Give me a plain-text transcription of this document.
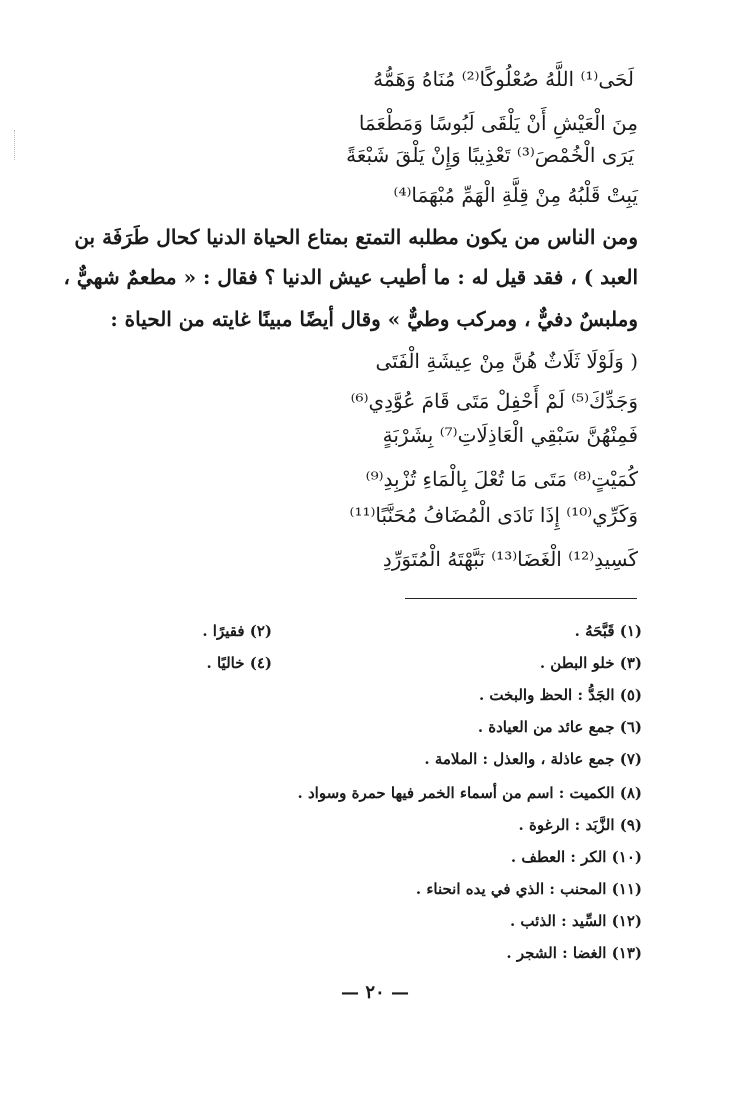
لَحَى⁽¹⁾ اللَّهُ صُعْلُوكًا⁽²⁾ مُنَاهُ وَهَمُّهُ
مِنَ الْعَيْشِ أَنْ يَلْقَى لَبُوسًا وَمَطْعَمَا
يَرَى الْخُمْصَ⁽³⁾ تَعْذِيبًا وَإِنْ يَلْقَ شَبْعَةً
يَبِتْ قَلْبُهُ مِنْ قِلَّةِ الْهَمِّ مُبْهَمَا⁽⁴⁾
ومن الناس من يكون مطلبه التمتع بمتاع الحياة الدنيا كحال طَرَفَة بن
العبد ) ، فقد قيل له : ما أطيب عيش الدنيا ؟ فقال : « مطعمٌ شهيٌّ ،
وملبسٌ دفيٌّ ، ومركب وطيٌّ » وقال أيضًا مبينًا غايته من الحياة :
( وَلَوْلَا ثَلَاثٌ هُنَّ مِنْ عِيشَةِ الْفَتَى
وَجَدِّكَ⁽⁵⁾ لَمْ أَحْفِلْ مَتَى قَامَ عُوَّدِي⁽⁶⁾
فَمِنْهُنَّ سَبْقِي الْعَاذِلَاتِ⁽⁷⁾ بِشَرْبَةٍ
كُمَيْتٍ⁽⁸⁾ مَتَى مَا تُعْلَ بِالْمَاءِ تُزْبِدِ⁽⁹⁾
وَكَرِّي⁽¹⁰⁾ إِذَا نَادَى الْمُضَافُ مُحَنَّبًا⁽¹¹⁾
كَسِيدِ⁽¹²⁾ الْغَضَا⁽¹³⁾ نَبَّهْتَهُ الْمُتَوَرِّدِ
(١) قَبَّحَهُ .
(٢) فقيرًا .
(٣) خلو البطن .
(٤) خاليًا .
(٥) الجَدُّ : الحظ والبخت .
(٦) جمع عائد من العيادة .
(٧) جمع عاذلة ، والعذل : الملامة .
(٨) الكميت : اسم من أسماء الخمر فيها حمرة وسواد .
(٩) الزَّبَد : الرغوة .
(١٠) الكر : العطف .
(١١) المحنب : الذي في يده انحناء .
(١٢) السِّيد : الذئب .
(١٣) الغضا : الشجر .
— ٢٠ —
